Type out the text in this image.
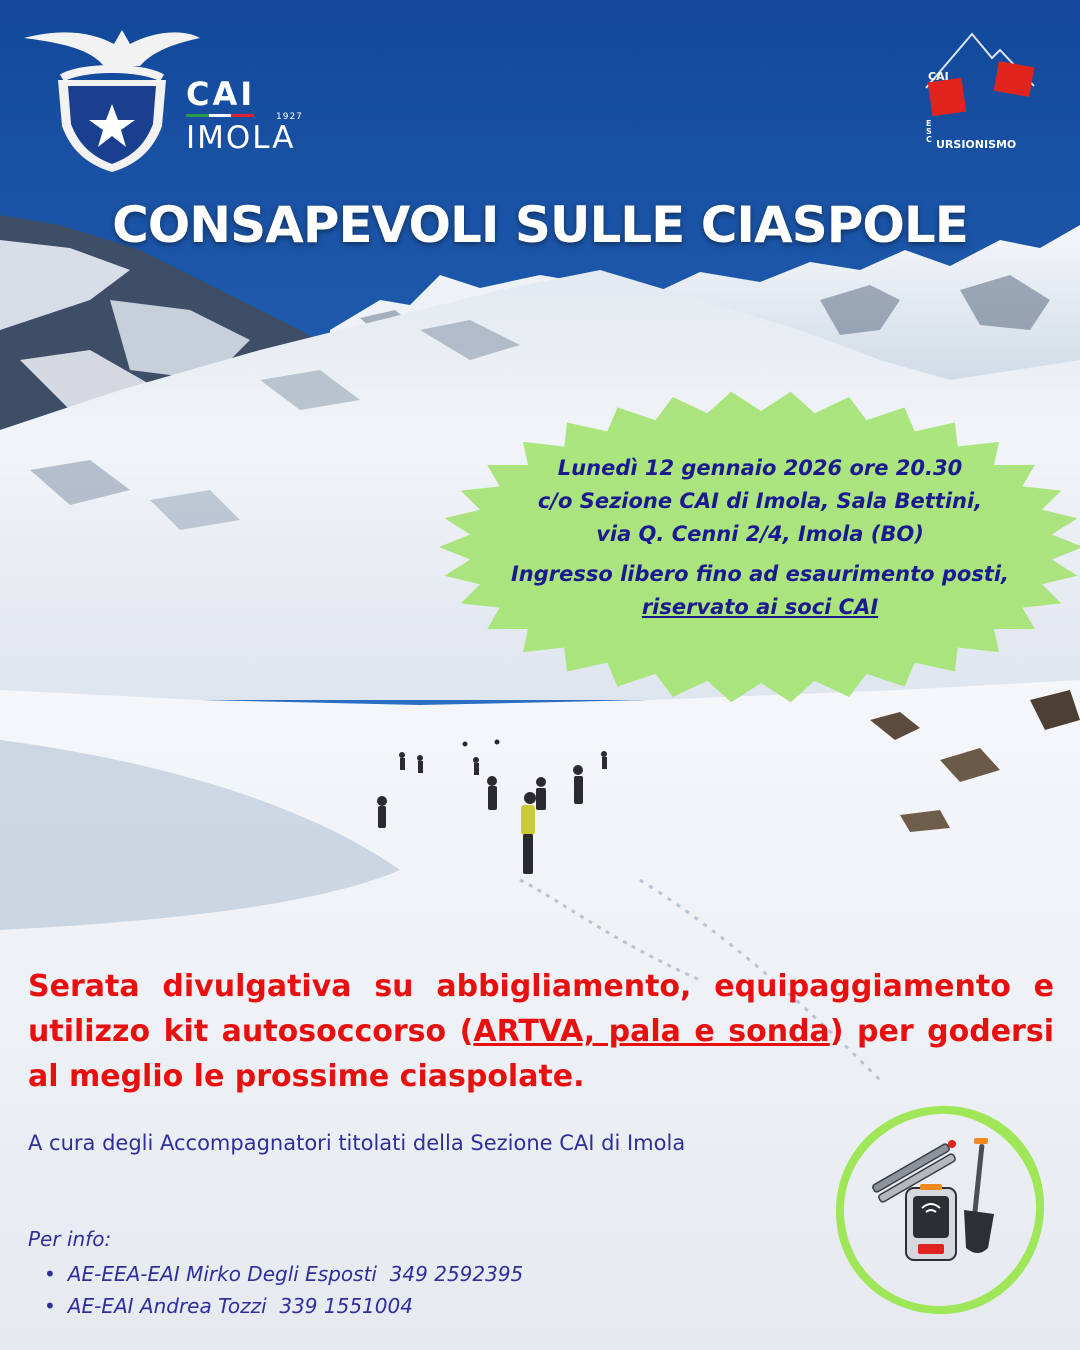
CAI
IMOLA
1927
CAI
ESC URSIONISMO
CONSAPEVOLI SULLE CIASPOLE
Lunedì 12 gennaio 2026 ore 20.30
c/o Sezione CAI di Imola, Sala Bettini,
via Q. Cenni 2/4, Imola (BO)
Ingresso libero fino ad esaurimento posti,
riservato ai soci CAI

Serata divulgativa su abbigliamento, equipaggiamento e utilizzo kit autosoccorso (ARTVA, pala e sonda) per godersi al meglio le prossime ciaspolate.

A cura degli Accompagnatori titolati della Sezione CAI di Imola
Per info:
• AE-EEA-EAI Mirko Degli Esposti  349 2592395
• AE-EAI Andrea Tozzi  339 1551004
